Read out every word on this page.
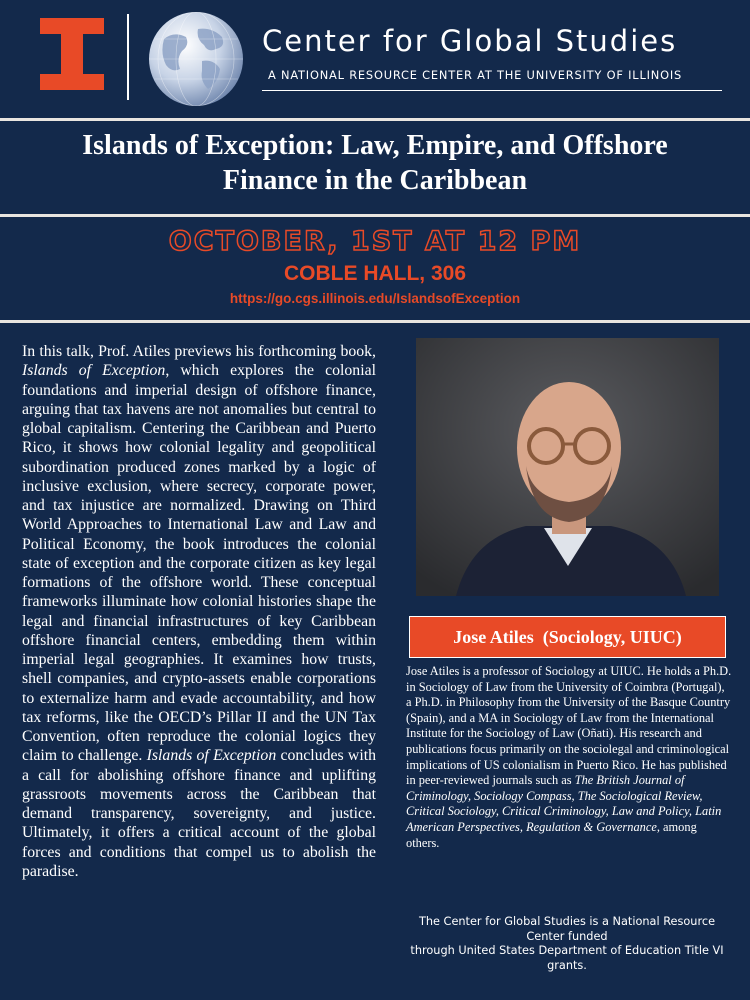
Center for Global Studies
A NATIONAL RESOURCE CENTER AT THE UNIVERSITY OF ILLINOIS
Islands of Exception: Law, Empire, and Offshore
Finance in the Caribbean
OCTOBER, 1ST AT 12 PM
COBLE HALL, 306
https://go.cgs.illinois.edu/IslandsofException
In this talk, Prof. Atiles previews his forthcoming book, Islands of Exception, which explores the colonial foundations and imperial design of offshore finance, arguing that tax havens are not anomalies but central to global capitalism. Centering the Caribbean and Puerto Rico, it shows how colonial legality and geopolitical subordination produced zones marked by a logic of inclusive exclusion, where secrecy, corporate power, and tax injustice are normalized. Drawing on Third World Approaches to International Law and Law and Political Economy, the book introduces the colonial state of exception and the corporate citizen as key legal formations of the offshore world. These conceptual frameworks illuminate how colonial histories shape the legal and financial infrastructures of key Caribbean offshore financial centers, embedding them within imperial legal geographies. It examines how trusts, shell companies, and crypto-assets enable corporations to externalize harm and evade accountability, and how tax reforms, like the OECD’s Pillar II and the UN Tax Convention, often reproduce the colonial logics they claim to challenge. Islands of Exception concludes with a call for abolishing offshore finance and uplifting grassroots movements across the Caribbean that demand transparency, sovereignty, and justice. Ultimately, it offers a critical account of the global forces and conditions that compel us to abolish the paradise.
Jose Atiles  (Sociology, UIUC)
Jose Atiles is a professor of Sociology at UIUC. He holds a Ph.D. in Sociology of Law from the University of Coimbra (Portugal), a Ph.D. in Philosophy from the University of the Basque Country (Spain), and a MA in Sociology of Law from the International Institute for the Sociology of Law (Oñati). His research and publications focus primarily on the sociolegal and criminological implications of US colonialism in Puerto Rico. He has published in peer-reviewed journals such as The British Journal of Criminology, Sociology Compass, The Sociological Review, Critical Sociology, Critical Criminology, Law and Policy, Latin American Perspectives, Regulation & Governance, among others.
The Center for Global Studies is a National Resource Center funded
through United States Department of Education Title VI grants.
